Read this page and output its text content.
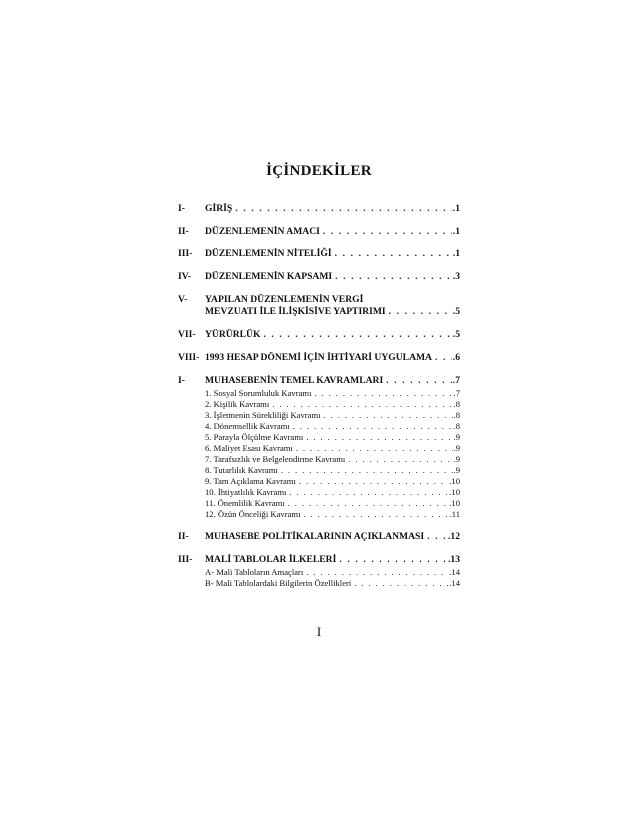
İÇİNDEKİLER
I-	GİRİŞ . . .	.1
II-	DÜZENLEMENİN AMACI . . .	.1
III-	DÜZENLEMENİN NİTELİĞİ . . .	.1
IV-	DÜZENLEMENİN KAPSAMI . . .	.3
V-	YAPILAN DÜZENLEMENİN VERGİ
MEVZUATI İLE İLİŞKİSİVE YAPTIRIMI . . .	.5
VII- YÜRÜRLÜK . . .	.5
VIII- 1993 HESAP DÖNEMİ İÇİN İHTİYARİ UYGULAMA . . . .6
I-	MUHASEBENİN TEMEL KAVRAMLARI . . .	.7
1. Sosyal Sorumluluk Kavramı . . .	.7
2. Kişilik Kavramı . . .	.8
3. İşletmenin Sürekliliği Kavramı . . .	.8
4. Dönemsellik Kavramı . . .	.8
5. Parayla Ölçülme Kavramı . . .	.9
6. Maliyet Esası Kavramı . . .	.9
7. Tarafsızlık ve Belgelendirme Kavramı . . .	.9
8. Tutarlılık Kavramı . . .	.9
9. Tam Açıklama Kavramı . . .	.10
10. İhtiyatlılık Kavramı . . .	.10
11. Önemlilik Kavramı . . .	.10
12. Özün Önceliği Kavramı . . .	.11
II-	MUHASEBE POLİTİKALARININ AÇIKLANMASI . . . .12
III-	MALİ TABLOLAR İLKELERİ . . .	.13
A- Mali Tabloların Amaçları . . .	.14
B- Mali Tablolardaki Bilgilerin Özellikleri . . .	.14
I
